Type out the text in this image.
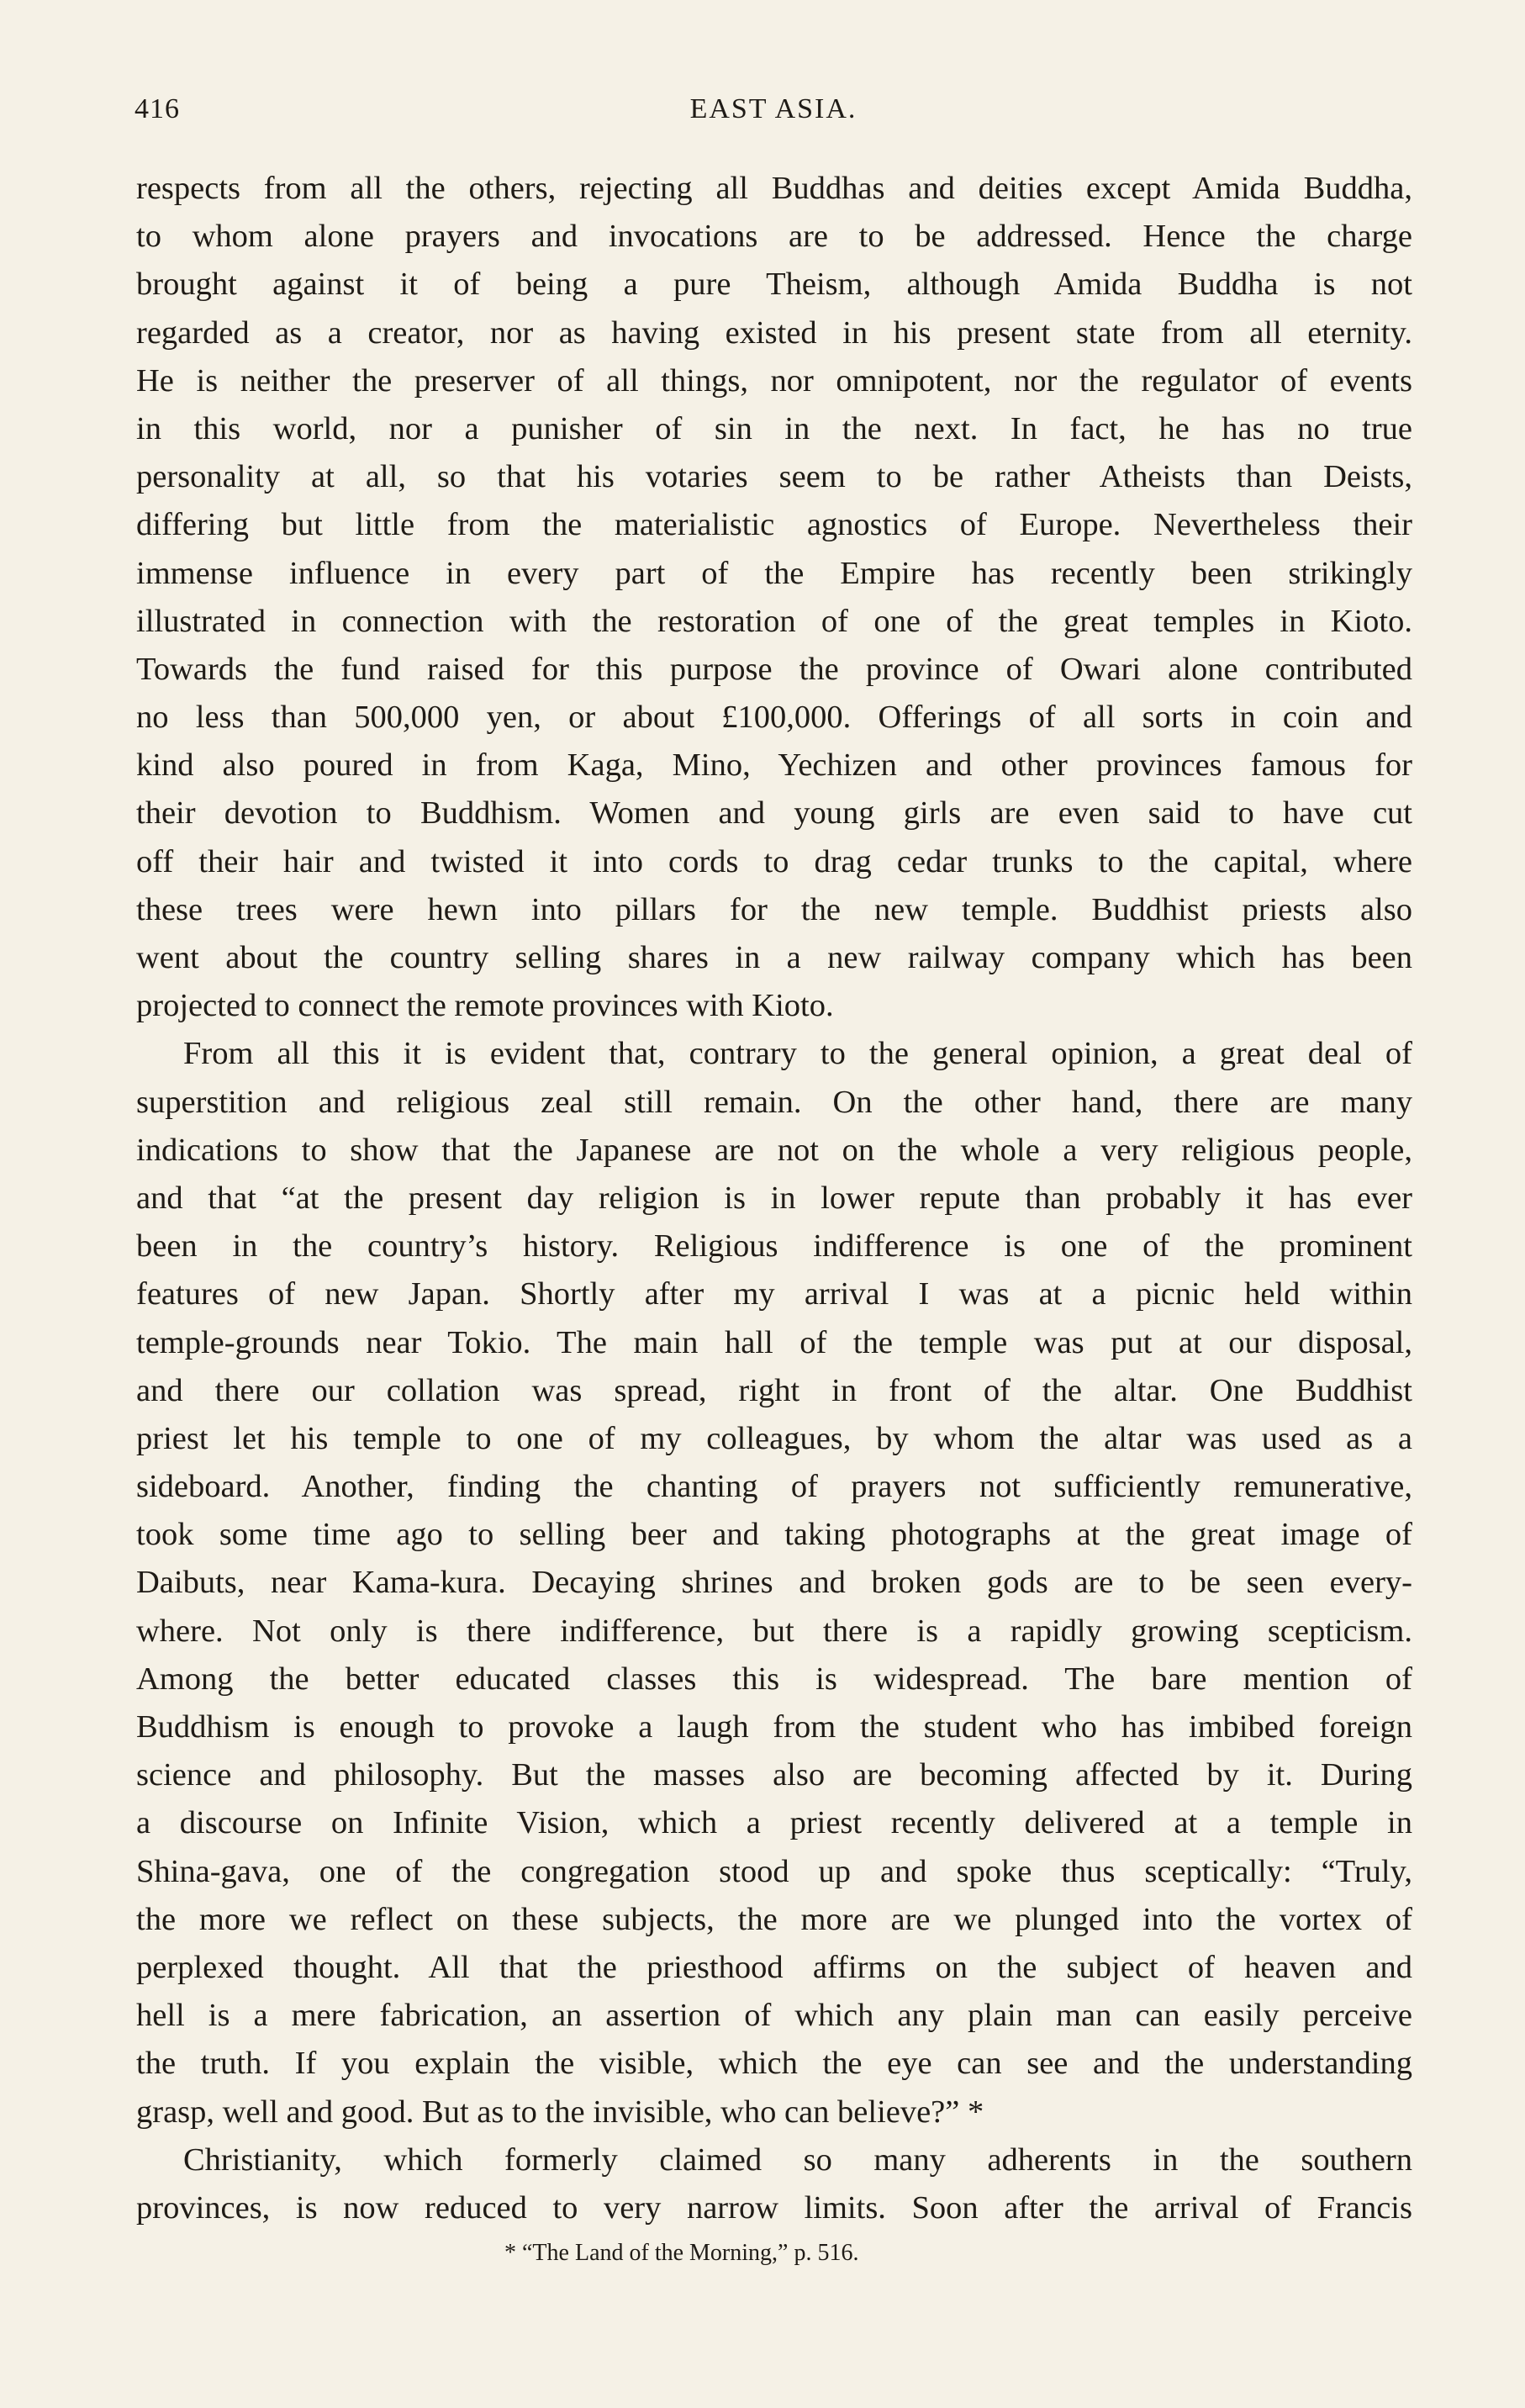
416	EAST ASIA.
respects from all the others, rejecting all Buddhas and deities except Amida Buddha,
to whom alone prayers and invocations are to be addressed. Hence the charge
brought against it of being a pure Theism, although Amida Buddha is not
regarded as a creator, nor as having existed in his present state from all eternity.
He is neither the preserver of all things, nor omnipotent, nor the regulator of events
in this world, nor a punisher of sin in the next. In fact, he has no true
personality at all, so that his votaries seem to be rather Atheists than Deists,
differing but little from the materialistic agnostics of Europe. Nevertheless their
immense influence in every part of the Empire has recently been strikingly
illustrated in connection with the restoration of one of the great temples in Kioto.
Towards the fund raised for this purpose the province of Owari alone contributed
no less than 500,000 yen, or about £100,000. Offerings of all sorts in coin and
kind also poured in from Kaga, Mino, Yechizen and other provinces famous for
their devotion to Buddhism. Women and young girls are even said to have cut
off their hair and twisted it into cords to drag cedar trunks to the capital, where
these trees were hewn into pillars for the new temple. Buddhist priests also
went about the country selling shares in a new railway company which has been
projected to connect the remote provinces with Kioto.
From all this it is evident that, contrary to the general opinion, a great deal of
superstition and religious zeal still remain. On the other hand, there are many
indications to show that the Japanese are not on the whole a very religious people,
and that “at the present day religion is in lower repute than probably it has ever
been in the country’s history. Religious indifference is one of the prominent
features of new Japan. Shortly after my arrival I was at a picnic held within
temple-grounds near Tokio. The main hall of the temple was put at our disposal,
and there our collation was spread, right in front of the altar. One Buddhist
priest let his temple to one of my colleagues, by whom the altar was used as a
sideboard. Another, finding the chanting of prayers not sufficiently remunerative,
took some time ago to selling beer and taking photographs at the great image of
Daibuts, near Kama-kura. Decaying shrines and broken gods are to be seen every-
where. Not only is there indifference, but there is a rapidly growing scepticism.
Among the better educated classes this is widespread. The bare mention of
Buddhism is enough to provoke a laugh from the student who has imbibed foreign
science and philosophy. But the masses also are becoming affected by it. During
a discourse on Infinite Vision, which a priest recently delivered at a temple in
Shina-gava, one of the congregation stood up and spoke thus sceptically: “Truly,
the more we reflect on these subjects, the more are we plunged into the vortex of
perplexed thought. All that the priesthood affirms on the subject of heaven and
hell is a mere fabrication, an assertion of which any plain man can easily perceive
the truth. If you explain the visible, which the eye can see and the understanding
grasp, well and good. But as to the invisible, who can believe?” *
Christianity, which formerly claimed so many adherents in the southern
provinces, is now reduced to very narrow limits. Soon after the arrival of Francis
* “The Land of the Morning,” p. 516.
